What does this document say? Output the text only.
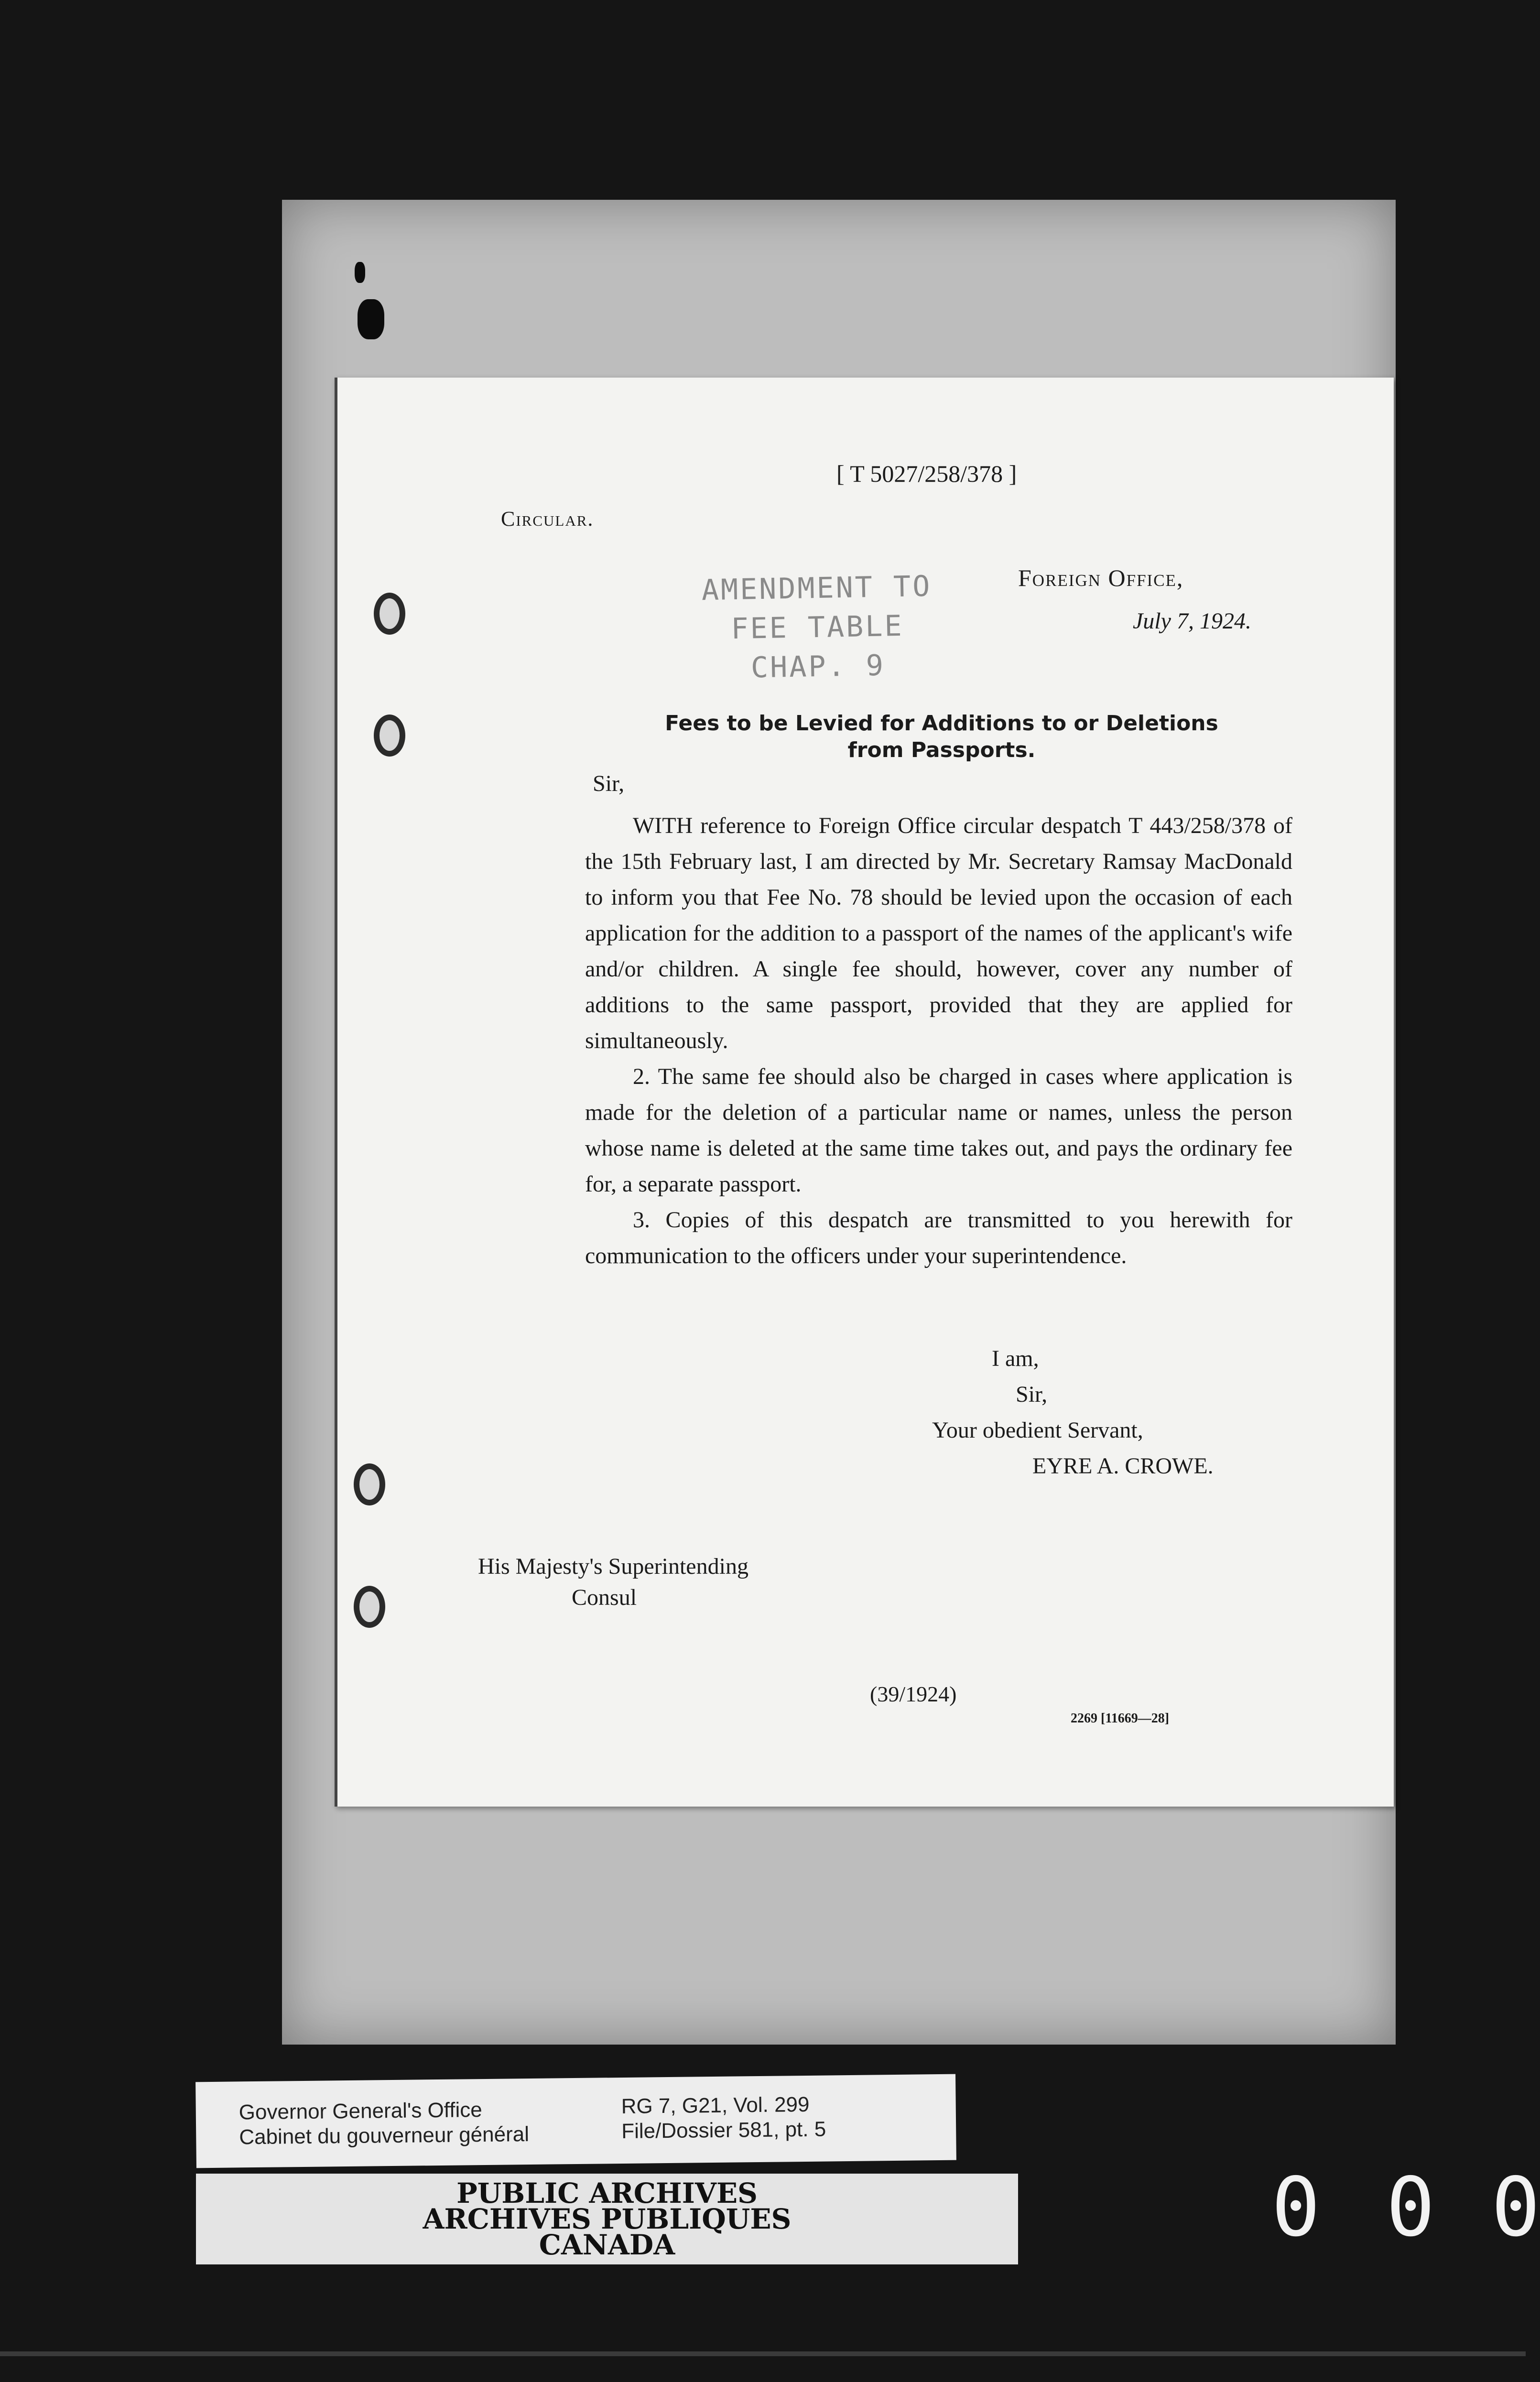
[ T 5027/258/378 ]
Circular.
Foreign Office,
July 7, 1924.
AMENDMENT TO
FEE TABLE
CHAP. 9
Fees to be Levied for Additions to or Deletions
from Passports.
Sir,

WITH reference to Foreign Office circular despatch T 443/258/378 of the 15th February last, I am directed by Mr. Secretary Ramsay MacDonald to inform you that Fee No. 78 should be levied upon the occasion of each application for the addition to a passport of the names of the applicant's wife and/or children. A single fee should, however, cover any number of additions to the same passport, provided that they are applied for simultaneously.

2. The same fee should also be charged in cases where application is made for the deletion of a particular name or names, unless the person whose name is deleted at the same time takes out, and pays the ordinary fee for, a separate passport.

3. Copies of this despatch are transmitted to you herewith for communication to the officers under your superintendence.

I am,
Sir,
Your obedient Servant,
EYRE A. CROWE.
His Majesty's Superintending
Consul
(39/1924)
2269 [11669—28]
Governor General's Office
Cabinet du gouverneur général
RG 7, G21, Vol. 299
File/Dossier 581, pt. 5
PUBLIC ARCHIVES
ARCHIVES PUBLIQUES
CANADA	0 0 0
